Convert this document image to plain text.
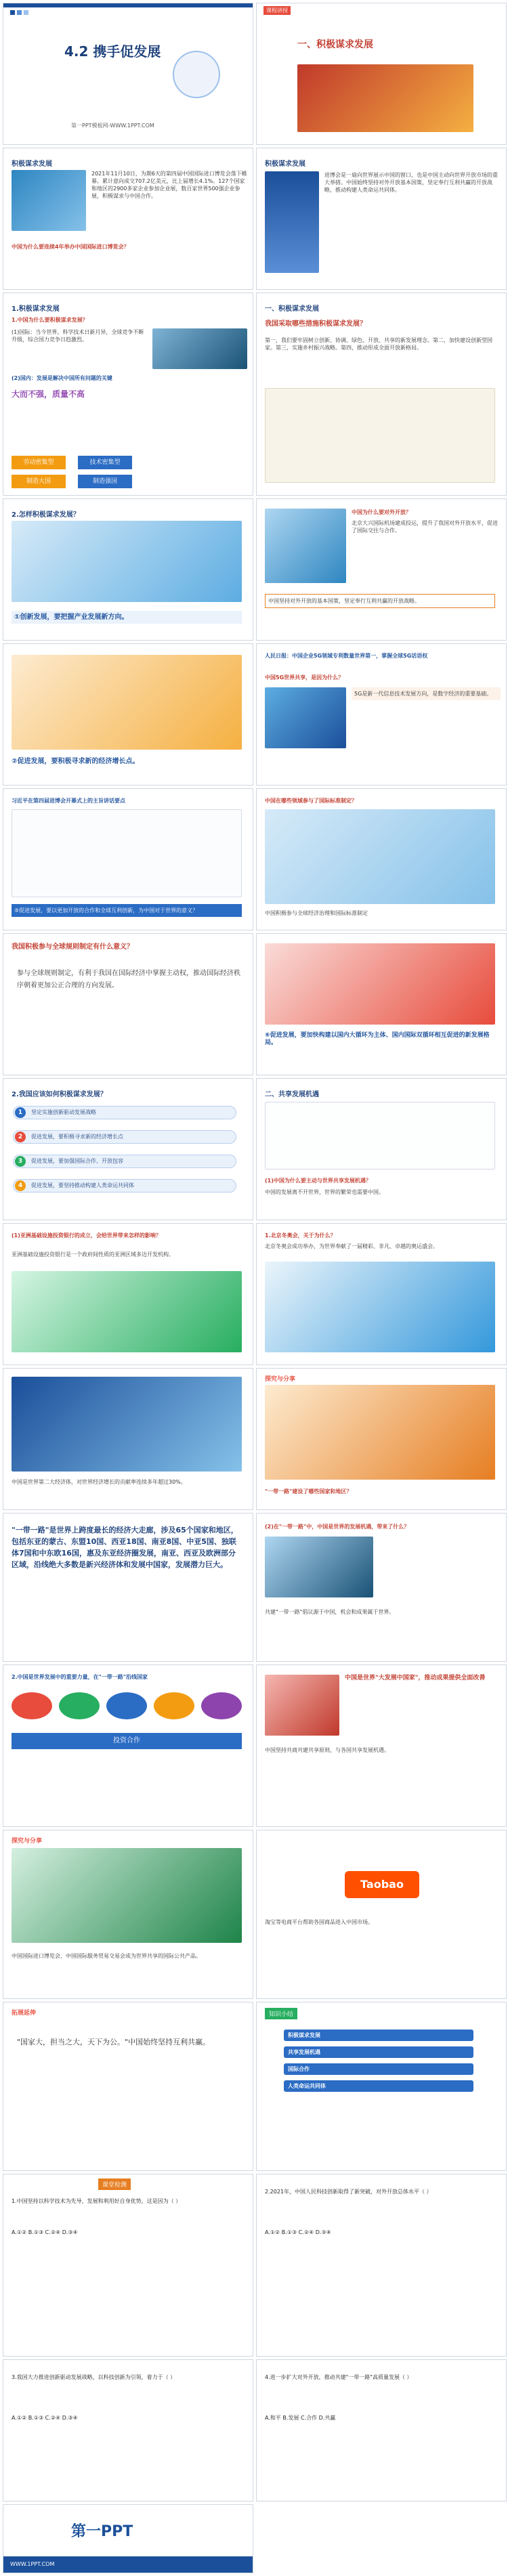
4.2 携手促发展
第一PPT模板网-WWW.1PPT.COM
课程讲授
一、积极谋求发展
积极谋求发展
2021年11月10日，为期6天的第四届中国国际进口博览会落下帷幕。累计意向成交707.2亿美元，比上届增长4.1%。127个国家和地区的2900多家企业参加企业展，数百家世界500强企业参展，积极谋求与中国合作。
中国为什么要连续4年举办中国国际进口博览会？
积极谋求发展
进博会是一扇向世界展示中国的窗口，也是中国主动向世界开放市场的重大举措。中国始终坚持对外开放基本国策，坚定奉行互利共赢的开放战略，推动构建人类命运共同体。
1.积极谋求发展
1.中国为什么要积极谋求发展？
(1)国际：当今世界，科学技术日新月异，全球竞争不断升级，综合国力竞争日趋激烈。
(2)国内：发展是解决中国所有问题的关键
大而不强，质量不高
劳动密集型	技术密集型
制造大国	制造强国
一、积极谋求发展
我国采取哪些措施积极谋求发展？
第一，我们要牢固树立创新、协调、绿色、开放、共享的新发展理念。第二，加快建设创新型国家。第三，实施乡村振兴战略。第四，推动形成全面开放新格局。
2.怎样积极谋求发展？
①创新发展，要把握产业发展新方向。
中国为什么要对外开放？
北京大兴国际机场建成投运，提升了我国对外开放水平，促进了国际交往与合作。
中国坚持对外开放的基本国策，坚定奉行互利共赢的开放战略。
②促进发展，要积极寻求新的经济增长点。
人民日报：中国企业5G领域专利数量世界第一，掌握全球5G话语权
中国5G世界共享，是因为什么？
5G是新一代信息技术发展方向，是数字经济的重要基础。
习近平在第四届进博会开幕式上的主旨讲话要点
⑤促进发展，要以更加开放的合作和全球互利创新，为中国对于世界的意义？
中国在哪些领域参与了国际标准制定？
中国积极参与全球经济治理和国际标准制定
我国积极参与全球规则制定有什么意义？
参与全球规则制定，有利于我国在国际经济中掌握主动权，推动国际经济秩序朝着更加公正合理的方向发展。
⑥促进发展，要加快构建以国内大循环为主体、国内国际双循环相互促进的新发展格局。
2.我国应该如何积极谋求发展？
1	坚定实施创新驱动发展战略
2	促进发展，要积极寻求新的经济增长点
3	促进发展，要加强国际合作、开放包容
4	促进发展，要坚持推动构建人类命运共同体
二、共享发展机遇
(1)中国为什么要主动与世界共享发展机遇？
中国的发展离不开世界，世界的繁荣也需要中国。
(1)亚洲基础设施投资银行的成立，会给世界带来怎样的影响？
亚洲基础设施投资银行是一个政府间性质的亚洲区域多边开发机构。
1.北京冬奥会，关于为什么？
北京冬奥会成功举办，为世界奉献了一届精彩、非凡、卓越的奥运盛会。
中国是世界第二大经济体，对世界经济增长的贡献率连续多年超过30%。
探究与分享
"一带一路"建设了哪些国家和地区？
"一带一路"是世界上跨度最长的经济大走廊，涉及65个国家和地区，包括东亚的蒙古、东盟10国、西亚18国、南亚8国、中亚5国、独联体7国和中东欧16国，惠及东亚经济圈发展，南亚、西亚及欧洲部分区域，沿线绝大多数是新兴经济体和发展中国家，发展潜力巨大。
(2)在"一带一路"中，中国是世界的发展机遇，带来了什么？
共建"一带一路"倡议源于中国，机会和成果属于世界。
2.中国是世界发展中的重要力量，在"一带一路"沿线国家
投资合作
中国是世界"大发展中国家"，推动成果提供全面改善
中国坚持共商共建共享原则，与各国共享发展机遇。
探究与分享
中国国际进口博览会、中国国际服务贸易交易会成为世界共享的国际公共产品。
Taobao
淘宝等电商平台帮助各国商品进入中国市场。
拓展延伸
"国家大，担当之大，天下为公。"中国始终坚持互利共赢。
知识小结
积极谋求发展
共享发展机遇
国际合作
人类命运共同体
课堂检测
1.中国坚持以科学技术为先导，发展和利用好自身优势，这是因为（ ）
A.①② B.①③ C.②④ D.③④
2.2021年，中国人民科技创新取得了新突破，对外开放总体水平（ ）
A.①② B.①③ C.②④ D.③④
3.我国大力推进创新驱动发展战略，以科技创新为引领，着力于（ ）
A.①② B.①③ C.②④ D.③④
4.进一步扩大对外开放，推动共建"一带一路"高质量发展（ ）
A.和平 B.发展 C.合作 D.共赢
第一PPT
WWW.1PPT.COM
